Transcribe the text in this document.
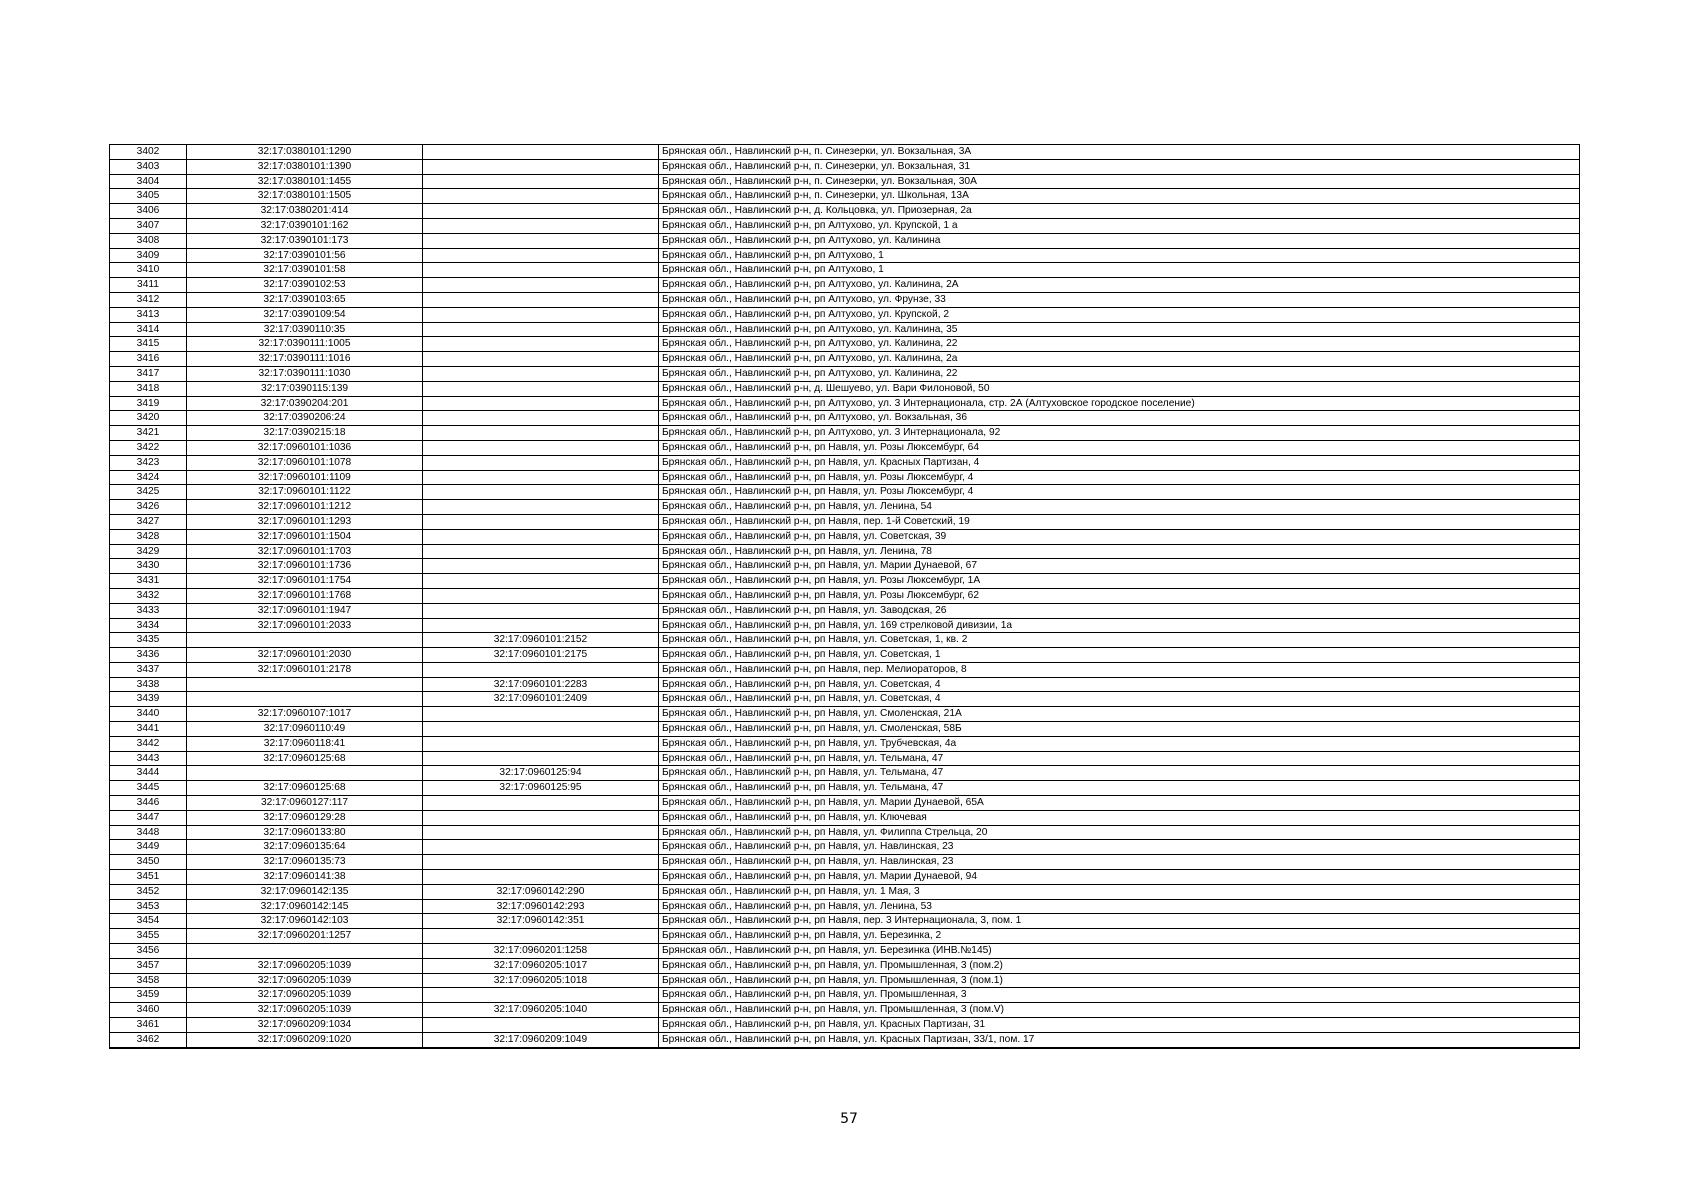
3402	32:17:0380101:1290		Брянская обл., Навлинский р-н, п. Синезерки, ул. Вокзальная, 3А
3403	32:17:0380101:1390		Брянская обл., Навлинский р-н, п. Синезерки, ул. Вокзальная, 31
3404	32:17:0380101:1455		Брянская обл., Навлинский р-н, п. Синезерки, ул. Вокзальная, 30А
3405	32:17:0380101:1505		Брянская обл., Навлинский р-н, п. Синезерки, ул. Школьная, 13А
3406	32:17:0380201:414		Брянская обл., Навлинский р-н, д. Кольцовка, ул. Приозерная, 2а
3407	32:17:0390101:162		Брянская обл., Навлинский р-н, рп Алтухово, ул. Крупской, 1 а
3408	32:17:0390101:173		Брянская обл., Навлинский р-н, рп Алтухово, ул. Калинина
3409	32:17:0390101:56		Брянская обл., Навлинский р-н, рп Алтухово, 1
3410	32:17:0390101:58		Брянская обл., Навлинский р-н, рп Алтухово, 1
3411	32:17:0390102:53		Брянская обл., Навлинский р-н, рп Алтухово, ул. Калинина, 2А
3412	32:17:0390103:65		Брянская обл., Навлинский р-н, рп Алтухово, ул. Фрунзе, 33
3413	32:17:0390109:54		Брянская обл., Навлинский р-н, рп Алтухово, ул. Крупской, 2
3414	32:17:0390110:35		Брянская обл., Навлинский р-н, рп Алтухово, ул. Калинина, 35
3415	32:17:0390111:1005		Брянская обл., Навлинский р-н, рп Алтухово, ул. Калинина, 22
3416	32:17:0390111:1016		Брянская обл., Навлинский р-н, рп Алтухово, ул. Калинина, 2а
3417	32:17:0390111:1030		Брянская обл., Навлинский р-н, рп Алтухово, ул. Калинина, 22
3418	32:17:0390115:139		Брянская обл., Навлинский р-н, д. Шешуево, ул. Вари Филоновой, 50
3419	32:17:0390204:201		Брянская обл., Навлинский р-н, рп Алтухово, ул. 3 Интернационала, стр. 2А (Алтуховское городское поселение)
3420	32:17:0390206:24		Брянская обл., Навлинский р-н, рп Алтухово, ул. Вокзальная, 36
3421	32:17:0390215:18		Брянская обл., Навлинский р-н, рп Алтухово, ул. 3 Интернационала, 92
3422	32:17:0960101:1036		Брянская обл., Навлинский р-н, рп Навля, ул. Розы Люксембург, 64
3423	32:17:0960101:1078		Брянская обл., Навлинский р-н, рп Навля, ул. Красных Партизан, 4
3424	32:17:0960101:1109		Брянская обл., Навлинский р-н, рп Навля, ул. Розы Люксембург, 4
3425	32:17:0960101:1122		Брянская обл., Навлинский р-н, рп Навля, ул. Розы Люксембург, 4
3426	32:17:0960101:1212		Брянская обл., Навлинский р-н, рп Навля, ул. Ленина, 54
3427	32:17:0960101:1293		Брянская обл., Навлинский р-н, рп Навля, пер. 1-й Советский, 19
3428	32:17:0960101:1504		Брянская обл., Навлинский р-н, рп Навля, ул. Советская, 39
3429	32:17:0960101:1703		Брянская обл., Навлинский р-н, рп Навля, ул. Ленина, 78
3430	32:17:0960101:1736		Брянская обл., Навлинский р-н, рп Навля, ул. Марии Дунаевой, 67
3431	32:17:0960101:1754		Брянская обл., Навлинский р-н, рп Навля, ул. Розы Люксембург, 1А
3432	32:17:0960101:1768		Брянская обл., Навлинский р-н, рп Навля, ул. Розы Люксембург, 62
3433	32:17:0960101:1947		Брянская обл., Навлинский р-н, рп Навля, ул. Заводская, 26
3434	32:17:0960101:2033		Брянская обл., Навлинский р-н, рп Навля, ул. 169 стрелковой дивизии, 1а
3435		32:17:0960101:2152	Брянская обл., Навлинский р-н, рп Навля, ул. Советская, 1, кв. 2
3436	32:17:0960101:2030	32:17:0960101:2175	Брянская обл., Навлинский р-н, рп Навля, ул. Советская, 1
3437	32:17:0960101:2178		Брянская обл., Навлинский р-н, рп Навля, пер. Мелиораторов, 8
3438		32:17:0960101:2283	Брянская обл., Навлинский р-н, рп Навля, ул. Советская, 4
3439		32:17:0960101:2409	Брянская обл., Навлинский р-н, рп Навля, ул. Советская, 4
3440	32:17:0960107:1017		Брянская обл., Навлинский р-н, рп Навля, ул. Смоленская, 21А
3441	32:17:0960110:49		Брянская обл., Навлинский р-н, рп Навля, ул. Смоленская, 58Б
3442	32:17:0960118:41		Брянская обл., Навлинский р-н, рп Навля, ул. Трубчевская, 4а
3443	32:17:0960125:68		Брянская обл., Навлинский р-н, рп Навля, ул. Тельмана, 47
3444		32:17:0960125:94	Брянская обл., Навлинский р-н, рп Навля, ул. Тельмана, 47
3445	32:17:0960125:68	32:17:0960125:95	Брянская обл., Навлинский р-н, рп Навля, ул. Тельмана, 47
3446	32:17:0960127:117		Брянская обл., Навлинский р-н, рп Навля, ул. Марии Дунаевой, 65А
3447	32:17:0960129:28		Брянская обл., Навлинский р-н, рп Навля, ул. Ключевая
3448	32:17:0960133:80		Брянская обл., Навлинский р-н, рп Навля, ул. Филиппа Стрельца, 20
3449	32:17:0960135:64		Брянская обл., Навлинский р-н, рп Навля, ул. Навлинская, 23
3450	32:17:0960135:73		Брянская обл., Навлинский р-н, рп Навля, ул. Навлинская, 23
3451	32:17:0960141:38		Брянская обл., Навлинский р-н, рп Навля, ул. Марии Дунаевой, 94
3452	32:17:0960142:135	32:17:0960142:290	Брянская обл., Навлинский р-н, рп Навля, ул. 1 Мая, 3
3453	32:17:0960142:145	32:17:0960142:293	Брянская обл., Навлинский р-н, рп Навля, ул. Ленина, 53
3454	32:17:0960142:103	32:17:0960142:351	Брянская обл., Навлинский р-н, рп Навля, пер. 3 Интернационала, 3, пом. 1
3455	32:17:0960201:1257		Брянская обл., Навлинский р-н, рп Навля, ул. Березинка, 2
3456		32:17:0960201:1258	Брянская обл., Навлинский р-н, рп Навля, ул. Березинка (ИНВ.№145)
3457	32:17:0960205:1039	32:17:0960205:1017	Брянская обл., Навлинский р-н, рп Навля, ул. Промышленная, 3 (пом.2)
3458	32:17:0960205:1039	32:17:0960205:1018	Брянская обл., Навлинский р-н, рп Навля, ул. Промышленная, 3 (пом.1)
3459	32:17:0960205:1039		Брянская обл., Навлинский р-н, рп Навля, ул. Промышленная, 3
3460	32:17:0960205:1039	32:17:0960205:1040	Брянская обл., Навлинский р-н, рп Навля, ул. Промышленная, 3 (пом.V)
3461	32:17:0960209:1034		Брянская обл., Навлинский р-н, рп Навля, ул. Красных Партизан, 31
3462	32:17:0960209:1020	32:17:0960209:1049	Брянская обл., Навлинский р-н, рп Навля, ул. Красных Партизан, 33/1, пом. 17
57
